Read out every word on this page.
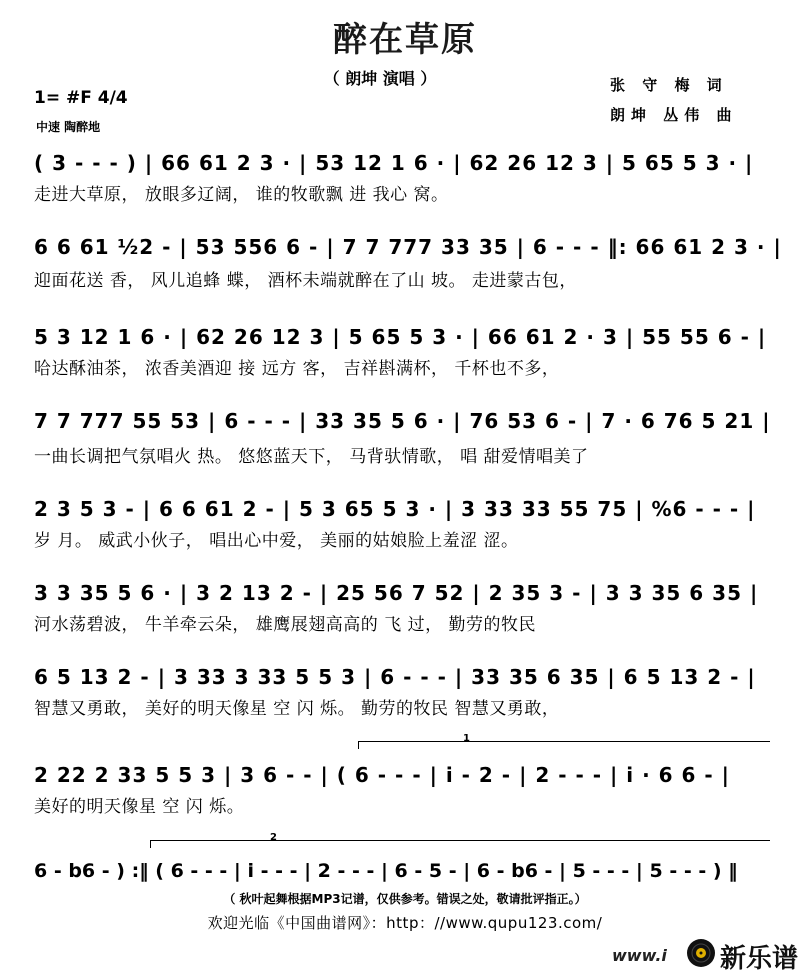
醉在草原
（ 朗坤 演唱 ）	张 守 梅 词
朗坤 丛伟 曲
1= #F 4/4
中速 陶醉地
( 3 - - - ) | 66 61 2 3 · | 53 12 1 6 · | 62 26 12 3 | 5 65 5 3 · |
走进大草原， 放眼多辽阔， 谁的牧歌飘 进 我心 窝。
6 6 61 ½2 - | 53 556 6 - | 7 7 777 33 35 | 6 - - - ‖: 66 61 2 3 · |
迎面花送 香， 风儿追蜂 蝶， 酒杯未端就醉在了山 坡。 走进蒙古包，
5 3 12 1 6 · | 62 26 12 3 | 5 65 5 3 · | 66 61 2 · 3 | 55 55 6 - |
哈达酥油茶， 浓香美酒迎 接 远方 客， 吉祥斟满杯， 千杯也不多，
7 7 777 55 53 | 6 - - - | 33 35 5 6 · | 76 53 6 - | 7 · 6 76 5 21 |
一曲长调把气氛唱火 热。 悠悠蓝天下， 马背驮情歌， 唱 甜爱情唱美了
2 3 5 3 - | 6 6 61 2 - | 5 3 65 5 3 · | 3 33 33 55 75 | %6 - - - |
岁 月。 威武小伙子， 唱出心中爱， 美丽的姑娘脸上羞涩 涩。
3 3 35 5 6 · | 3 2 13 2 - | 25 56 7 52 | 2 35 3 - | 3 3 35 6 35 |
河水荡碧波， 牛羊牵云朵， 雄鹰展翅高高的 飞 过， 勤劳的牧民
6 5 13 2 - | 3 33 3 33 5 5 3 | 6 - - - | 33 35 6 35 | 6 5 13 2 - |
智慧又勇敢， 美好的明天像星 空 闪 烁。 勤劳的牧民 智慧又勇敢，
1
2 22 2 33 5 5 3 | 3 6 - - | ( 6 - - - | i - 2 - | 2 - - - | i · 6 6 - |
美好的明天像星 空 闪 烁。
2
6 - b6 - ) :‖ ( 6 - - - | i - - - | 2 - - - | 6 - 5 - | 6 - b6 - | 5 - - - | 5 - - - ) ‖
（ 秋叶起舞根据MP3记谱，仅供参考。错误之处，敬请批评指正。）
欢迎光临《中国曲谱网》：http：//www.qupu123.com/
www.i 新乐谱
